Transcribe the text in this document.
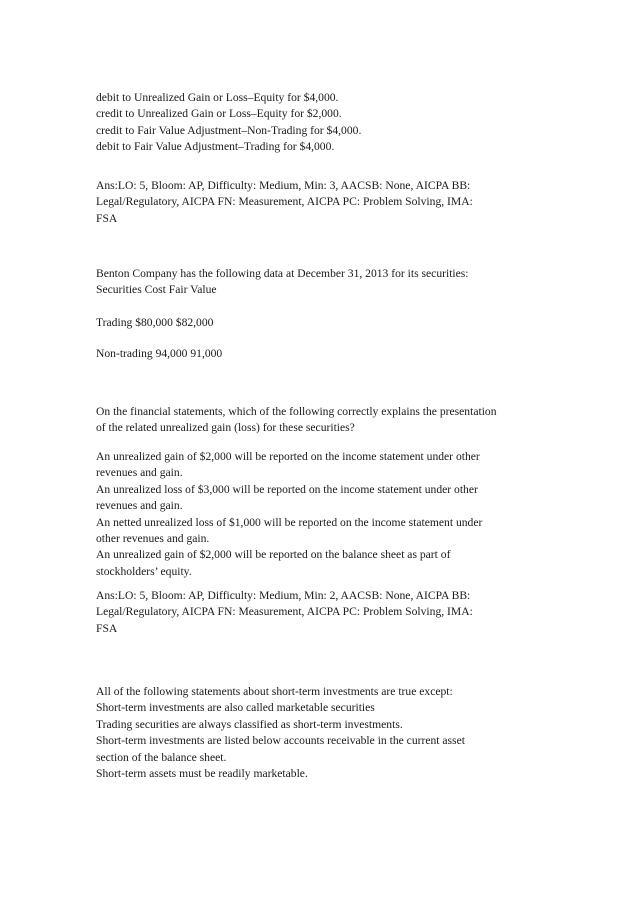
debit to Unrealized Gain or Loss–Equity for $4,000.
credit to Unrealized Gain or Loss–Equity for $2,000.
credit to Fair Value Adjustment–Non-Trading for $4,000.
debit to Fair Value Adjustment–Trading for $4,000.
Ans:LO: 5, Bloom: AP, Difficulty: Medium, Min: 3, AACSB: None, AICPA BB:
Legal/Regulatory, AICPA FN: Measurement, AICPA PC: Problem Solving, IMA:
FSA
Benton Company has the following data at December 31, 2013 for its securities:
Securities Cost Fair Value
Trading $80,000 $82,000
Non-trading 94,000 91,000
On the financial statements, which of the following correctly explains the presentation
of the related unrealized gain (loss) for these securities?
An unrealized gain of $2,000 will be reported on the income statement under other
revenues and gain.
An unrealized loss of $3,000 will be reported on the income statement under other
revenues and gain.
An netted unrealized loss of $1,000 will be reported on the income statement under
other revenues and gain.
An unrealized gain of $2,000 will be reported on the balance sheet as part of
stockholders’ equity.
Ans:LO: 5, Bloom: AP, Difficulty: Medium, Min: 2, AACSB: None, AICPA BB:
Legal/Regulatory, AICPA FN: Measurement, AICPA PC: Problem Solving, IMA:
FSA
All of the following statements about short-term investments are true except:
Short-term investments are also called marketable securities
Trading securities are always classified as short-term investments.
Short-term investments are listed below accounts receivable in the current asset
section of the balance sheet.
Short-term assets must be readily marketable.
